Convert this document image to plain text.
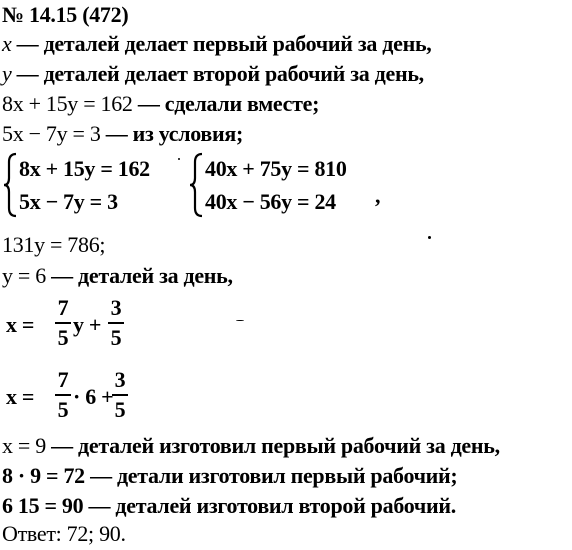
№ 14.15 (472)
x — деталей делает первый рабочий за день,
y — деталей делает второй рабочий за день,
8x + 15y = 162 — сделали вместе;
5x − 7y = 3 — из условия;
8x + 15y = 162
5x − 7y = 3
40x + 75y = 810
40x − 56y = 24 ,
131y = 786;
y = 6 — деталей за день,
x =
7
5
y +
3
5
x =
7
5
· 6 +
3
5
x = 9 — деталей изготовил первый рабочий за день,
8 · 9 = 72 — детали изготовил первый рабочий;
6 15 = 90 — деталей изготовил второй рабочий.
Ответ: 72; 90.
